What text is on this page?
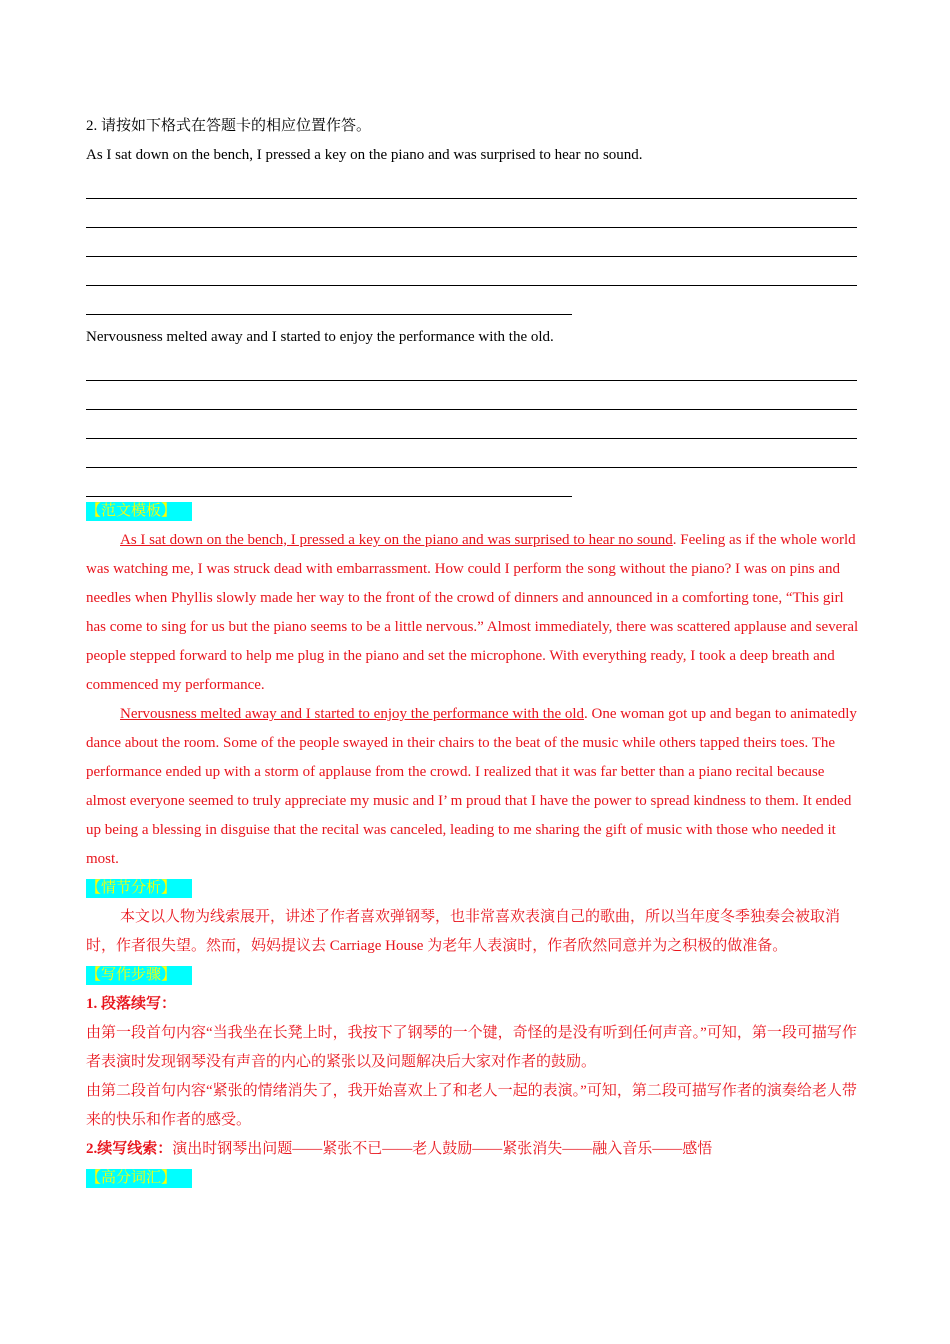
2. 请按如下格式在答题卡的相应位置作答。
As I sat down on the bench, I pressed a key on the piano and was surprised to hear no sound.
Nervousness melted away and I started to enjoy the performance with the old.
【范文模板】
As I sat down on the bench, I pressed a key on the piano and was surprised to hear no sound. Feeling as if the whole world was watching me, I was struck dead with embarrassment. How could I perform the song without the piano? I was on pins and needles when Phyllis slowly made her way to the front of the crowd of dinners and announced in a comforting tone, “This girl has come to sing for us but the piano seems to be a little nervous.” Almost immediately, there was scattered applause and several people stepped forward to help me plug in the piano and set the microphone. With everything ready, I took a deep breath and commenced my performance.
Nervousness melted away and I started to enjoy the performance with the old. One woman got up and began to animatedly dance about the room. Some of the people swayed in their chairs to the beat of the music while others tapped theirs toes. The performance ended up with a storm of applause from the crowd. I realized that it was far better than a piano recital because almost everyone seemed to truly appreciate my music and I’ m proud that I have the power to spread kindness to them. It ended up being a blessing in disguise that the recital was canceled, leading to me sharing the gift of music with those who needed it most.
【情节分析】
本文以人物为线索展开，讲述了作者喜欢弹钢琴，也非常喜欢表演自己的歌曲，所以当年度冬季独奏会被取消时，作者很失望。然而，妈妈提议去 Carriage House 为老年人表演时，作者欣然同意并为之积极的做准备。
【写作步骤】
1. 段落续写：
由第一段首句内容“当我坐在长凳上时，我按下了钢琴的一个键，奇怪的是没有听到任何声音。”可知，第一段可描写作者表演时发现钢琴没有声音的内心的紧张以及问题解决后大家对作者的鼓励。
由第二段首句内容“紧张的情绪消失了，我开始喜欢上了和老人一起的表演。”可知，第二段可描写作者的演奏给老人带来的快乐和作者的感受。
2.续写线索：演出时钢琴出问题——紧张不已——老人鼓励——紧张消失——融入音乐——感悟
【高分词汇】
